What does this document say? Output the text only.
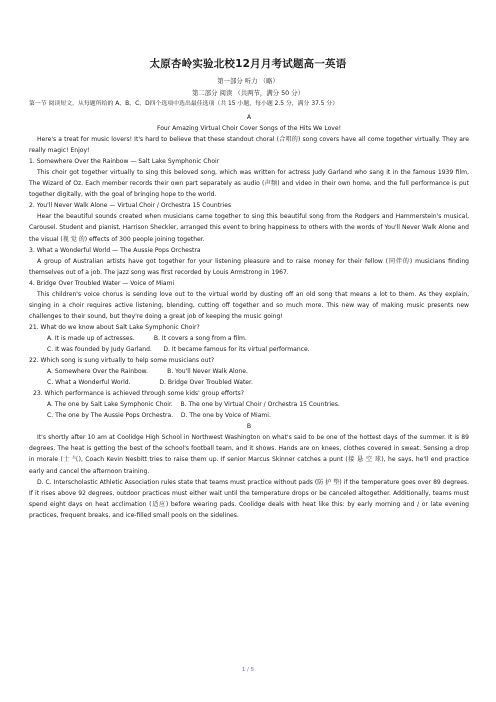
太原杏岭实验北校12月月考试题高一英语
第一部分 听力 （略）
第二部分 阅读 （共两节，满分 50 分）
第一节 阅读短文，从每题所给的 A、B、C、D四个选项中选出最佳选项（共 15 小题，每小题 2.5 分，满分 37.5 分）

A

Four Amazing Virtual Choir Cover Songs of the Hits We Love!

Here's a treat for music lovers! It's hard to believe that these standout choral (合唱的) song covers have all come together virtually. They are really magic! Enjoy!

1. Somewhere Over the Rainbow — Salt Lake Symphonic Choir

This choir got together virtually to sing this beloved song, which was written for actress Judy Garland who sang it in the famous 1939 film, The Wizard of Oz. Each member records their own part separately as audio (声频) and video in their own home, and the full performance is put together digitally, with the goal of bringing hope to the world.

2. You'll Never Walk Alone — Virtual Choir / Orchestra 15 Countries

Hear the beautiful sounds created when musicians came together to sing this beautiful song from the Rodgers and Hammerstein's musical, Carousel. Student and pianist, Harrison Sheckler, arranged this event to bring happiness to others with the words of You'll Never Walk Alone and the visual (视 觉 的) effects of 300 people joining together.

3. What a Wonderful World — The Aussie Pops Orchestra

A group of Australian artists have got together for your listening pleasure and to raise money for their fellow (同伴的) musicians finding themselves out of a job. The jazz song was first recorded by Louis Armstrong in 1967.

4. Bridge Over Troubled Water — Voice of Miami

This children's voice chorus is sending love out to the virtual world by dusting off an old song that means a lot to them. As they explain, singing in a choir requires active listening, blending, cutting off together and so much more. This new way of making music presents new challenges to their sound, but they're doing a great job of keeping the music going!

21. What do we know about Salt Lake Symphonic Choir?

A. It is made up of actresses.          B. It covers a song from a film.

C. It was founded by Judy Garland.      D. It became famous for its virtual performance.

22. Which song is sung virtually to help some musicians out?

A. Somewhere Over the Rainbow.          B. You'll Never Walk Alone.

C. What a Wonderful World.               D. Bridge Over Troubled Water.

23. Which performance is achieved through some kids' group efforts?

A. The one by Salt Lake Symphonic Choir.    B. The one by Virtual Choir / Orchestra 15 Countries.

C. The one by The Aussie Pops Orchestra.    D. The one by Voice of Miami.

B

It's shortly after 10 am at Coolidge High School in Northwest Washington on what's said to be one of the hottest days of the summer. It is 89 degrees. The heat is getting the best of the school's football team, and it shows. Hands are on knees, clothes covered in sweat. Sensing a drop in morale (士 气), Coach Kevin Nesbitt tries to raise them up. If senior Marcus Skinner catches a punt (接 悬 空 球), he says, he'll end practice early and cancel the afternoon training.

D. C. Interscholastic Athletic Association rules state that teams must practice without pads (防 护 垫) if the temperature goes over 89 degrees. If it rises above 92 degrees, outdoor practices must either wait until the temperature drops or be canceled altogether. Additionally, teams must spend eight days on heat acclimation (适应) before wearing pads. Coolidge deals with heat like this: by early morning and / or late evening practices, frequent breaks, and ice-filled small pools on the sidelines.

1 / 5
